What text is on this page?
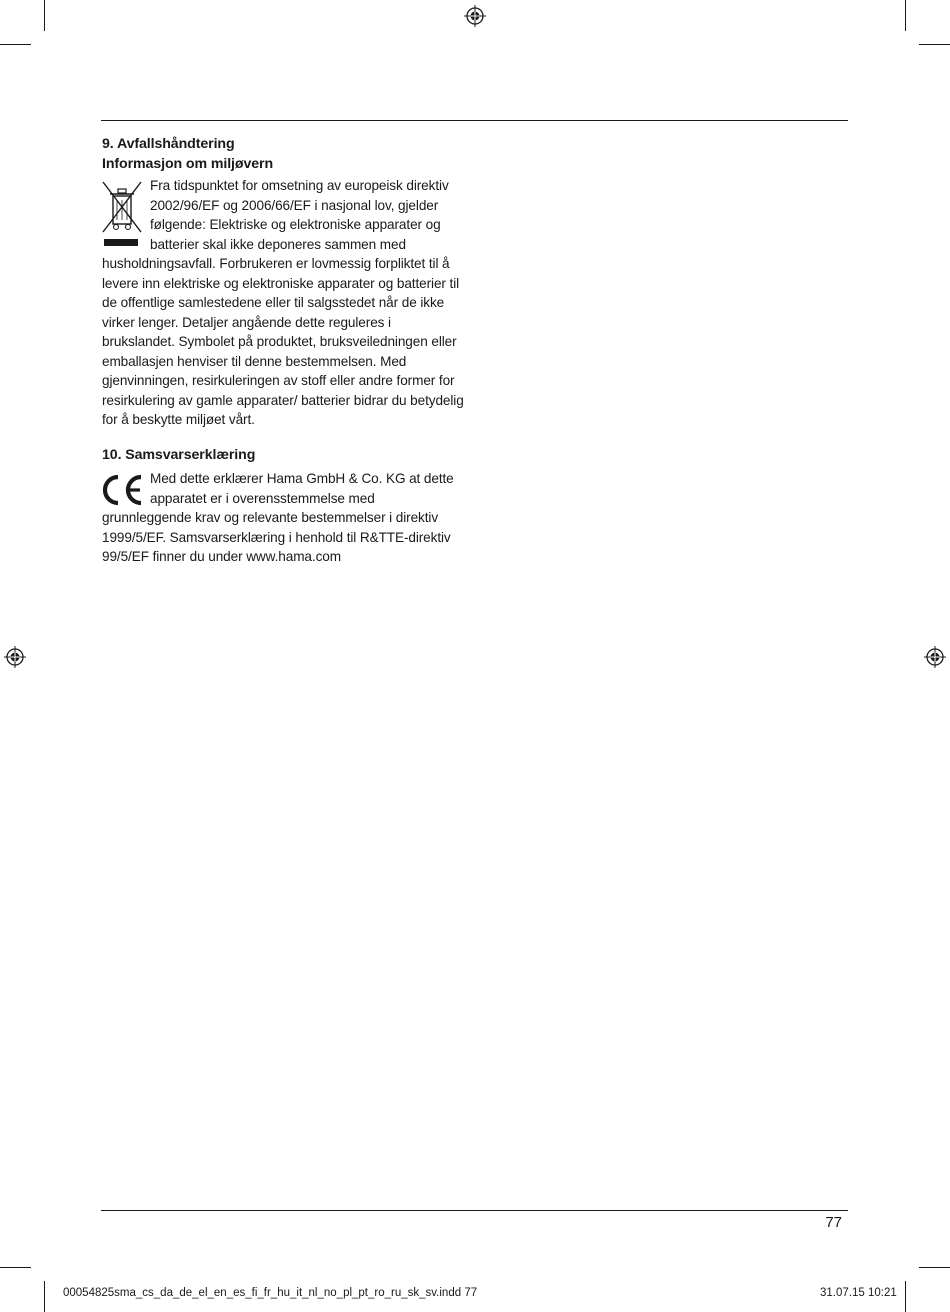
9. Avfallshåndtering
Informasjon om miljøvern

Fra tidspunktet for omsetning av europeisk direktiv 2002/96/EF og 2006/66/EF i nasjonal lov, gjelder følgende: Elektriske og elektroniske apparater og batterier skal ikke deponeres sammen med husholdningsavfall. Forbrukeren er lovmessig forpliktet til å levere inn elektriske og elektroniske apparater og batterier til de offentlige samlestedene eller til salgsstedet når de ikke virker lenger. Detaljer angående dette reguleres i brukslandet. Symbolet på produktet, bruksveiledningen eller emballasjen henviser til denne bestemmelsen. Med gjenvinningen, resirkuleringen av stoff eller andre former for resirkulering av gamle apparater/ batterier bidrar du betydelig for å beskytte miljøet vårt.

10. Samsvarserklæring

Med dette erklærer Hama GmbH & Co. KG at dette apparatet er i overensstemmelse med grunnleggende krav og relevante bestemmelser i direktiv 1999/5/EF. Samsvarserklæring i henhold til R&TTE-direktiv 99/5/EF finner du under www.hama.com

77
00054825sma_cs_da_de_el_en_es_fi_fr_hu_it_nl_no_pl_pt_ro_ru_sk_sv.indd 77	31.07.15 10:21
